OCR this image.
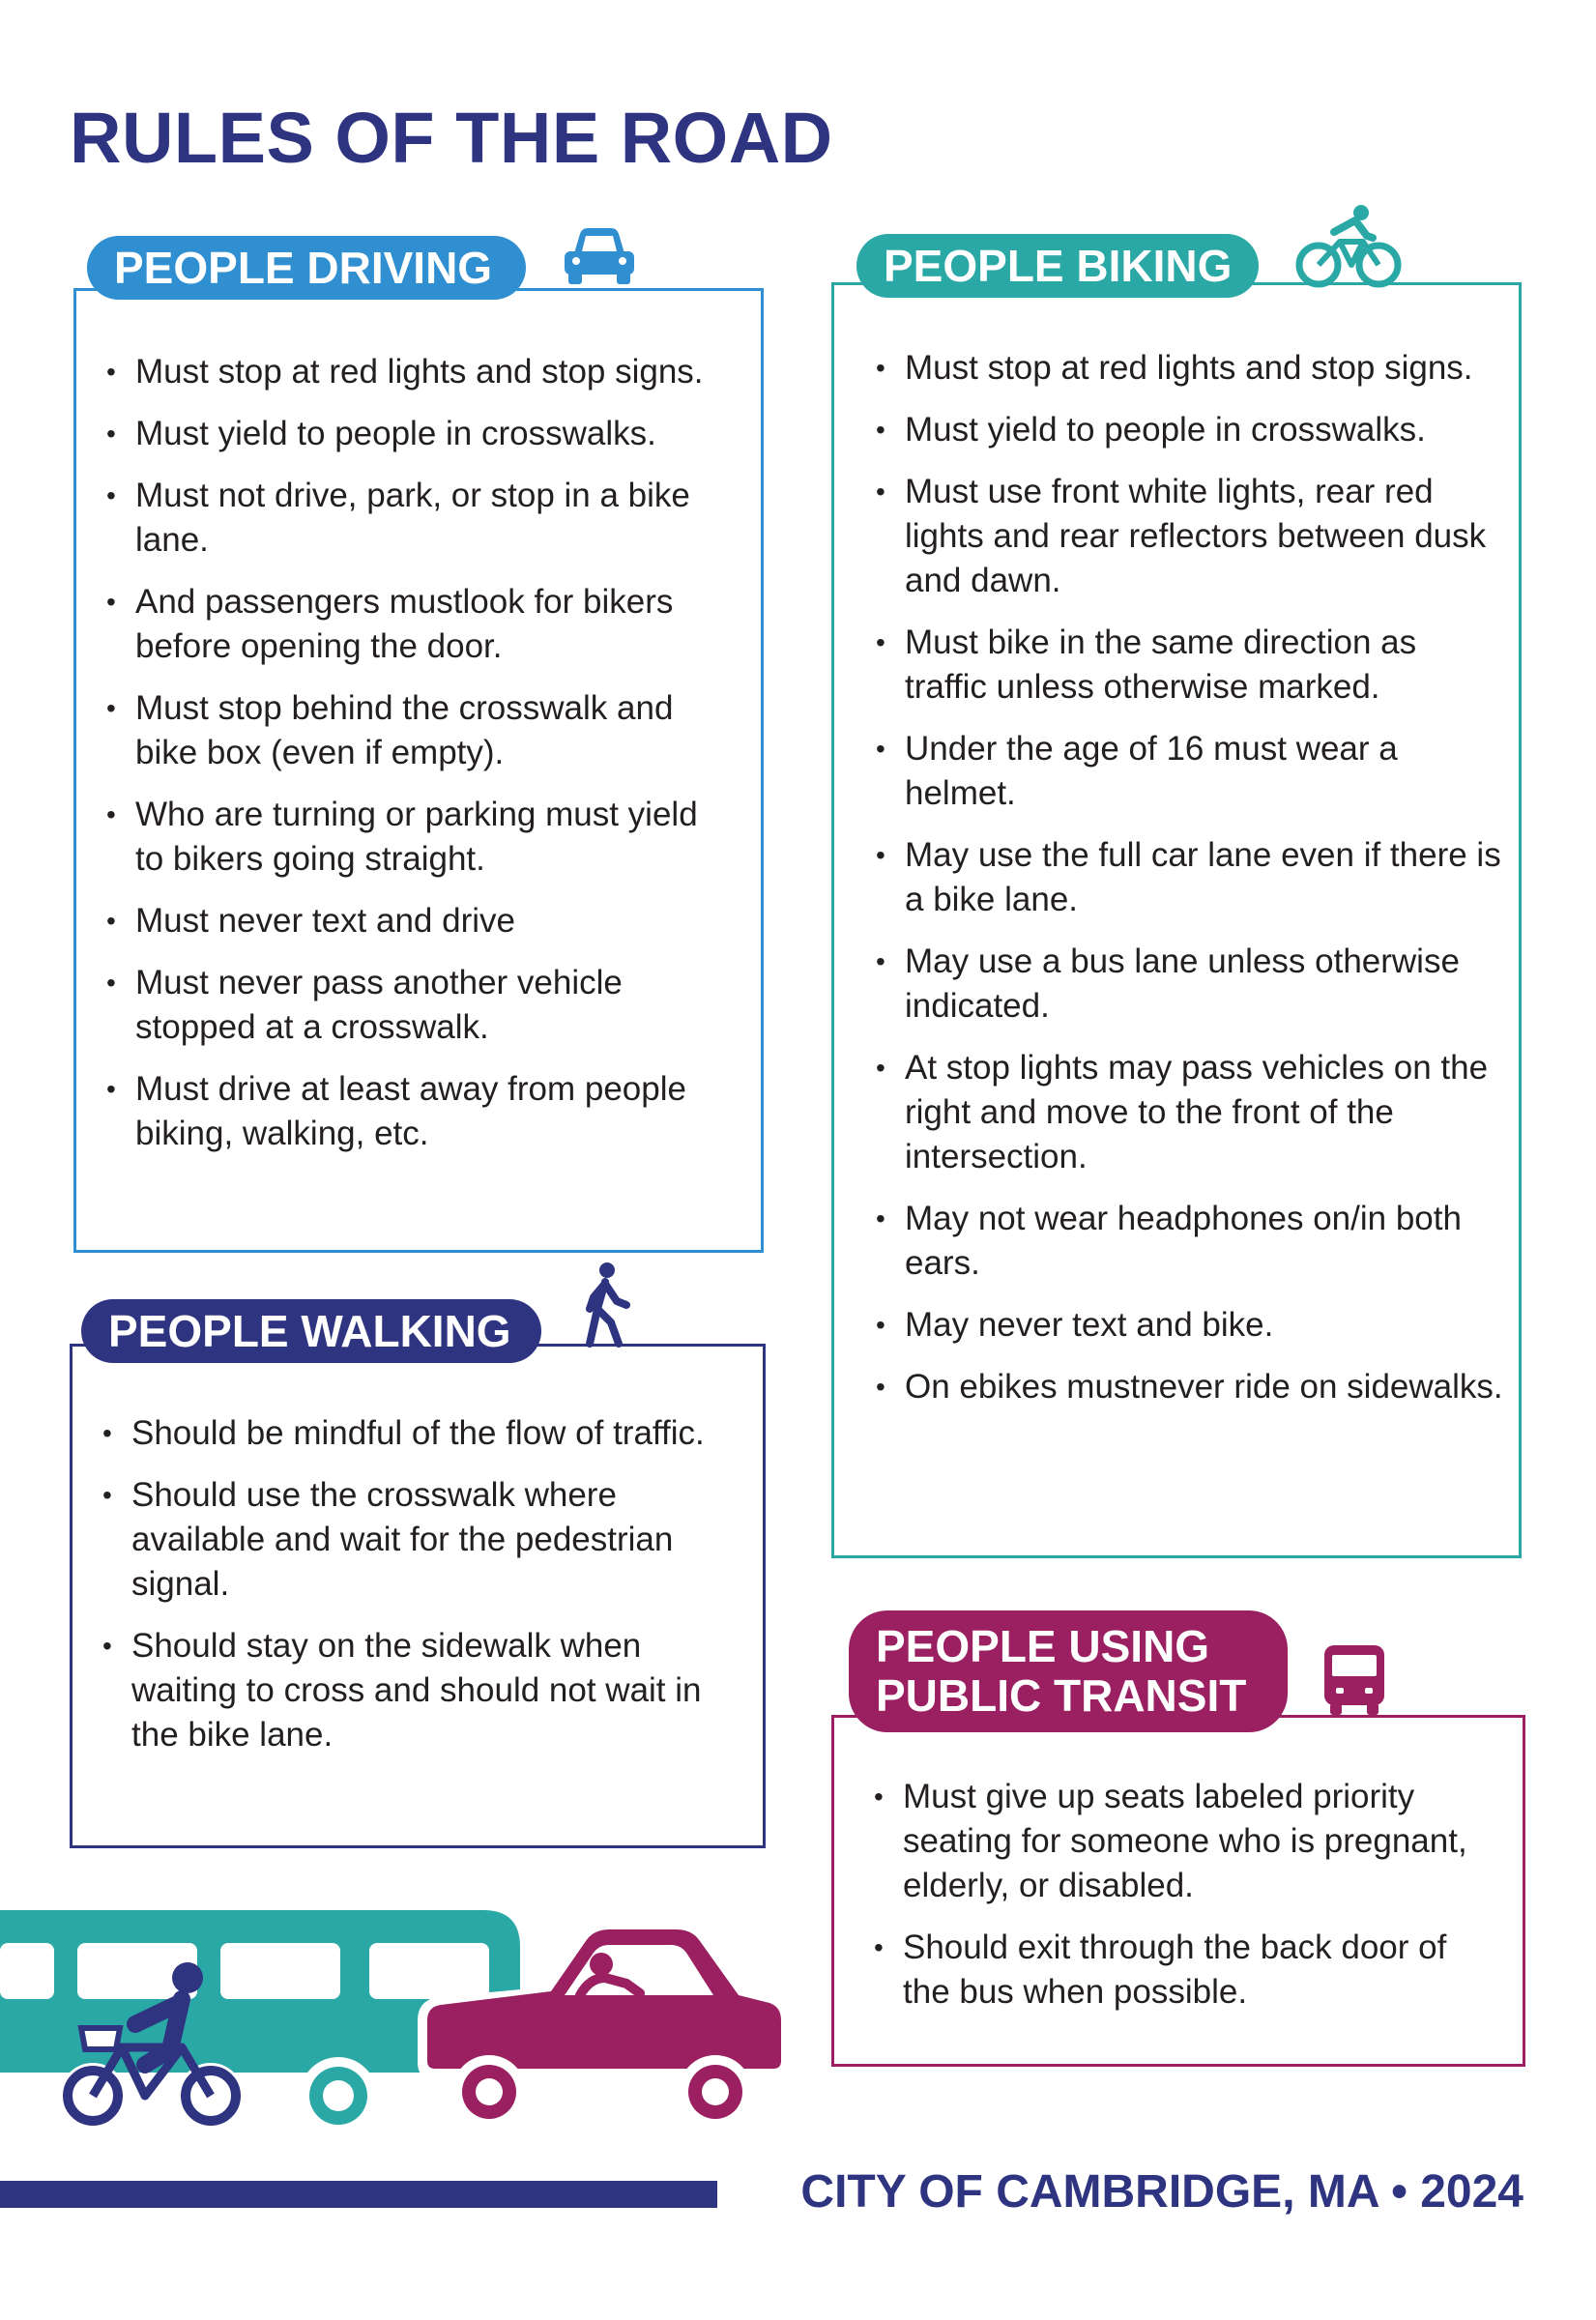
RULES OF THE ROAD
PEOPLE DRIVING
• Must stop at red lights and stop signs.
• Must yield to people in crosswalks.
• Must not drive, park, or stop in a bike lane.
• And passengers mustlook for bikers before opening the door.
• Must stop behind the crosswalk and bike box (even if empty).
• Who are turning or parking must yield to bikers going straight.
• Must never text and drive
• Must never pass another vehicle stopped at a crosswalk.
• Must drive at least away from people biking, walking, etc.
PEOPLE BIKING
• Must stop at red lights and stop signs.
• Must yield to people in crosswalks.
• Must use front white lights, rear red lights and rear reflectors between dusk and dawn.
• Must bike in the same direction as traffic unless otherwise marked.
• Under the age of 16 must wear a helmet.
• May use the full car lane even if there is a bike lane.
• May use a bus lane unless otherwise indicated.
• At stop lights may pass vehicles on the right and move to the front of the intersection.
• May not wear headphones on/in both ears.
• May never text and bike.
• On ebikes mustnever ride on sidewalks.
PEOPLE WALKING
• Should be mindful of the flow of traffic.
• Should use the crosswalk where available and wait for the pedestrian signal.
• Should stay on the sidewalk when waiting to cross and should not wait in the bike lane.
PEOPLE USING
PUBLIC TRANSIT
• Must give up seats labeled priority seating for someone who is pregnant, elderly, or disabled.
• Should exit through the back door of the bus when possible.
CITY OF CAMBRIDGE, MA • 2024
